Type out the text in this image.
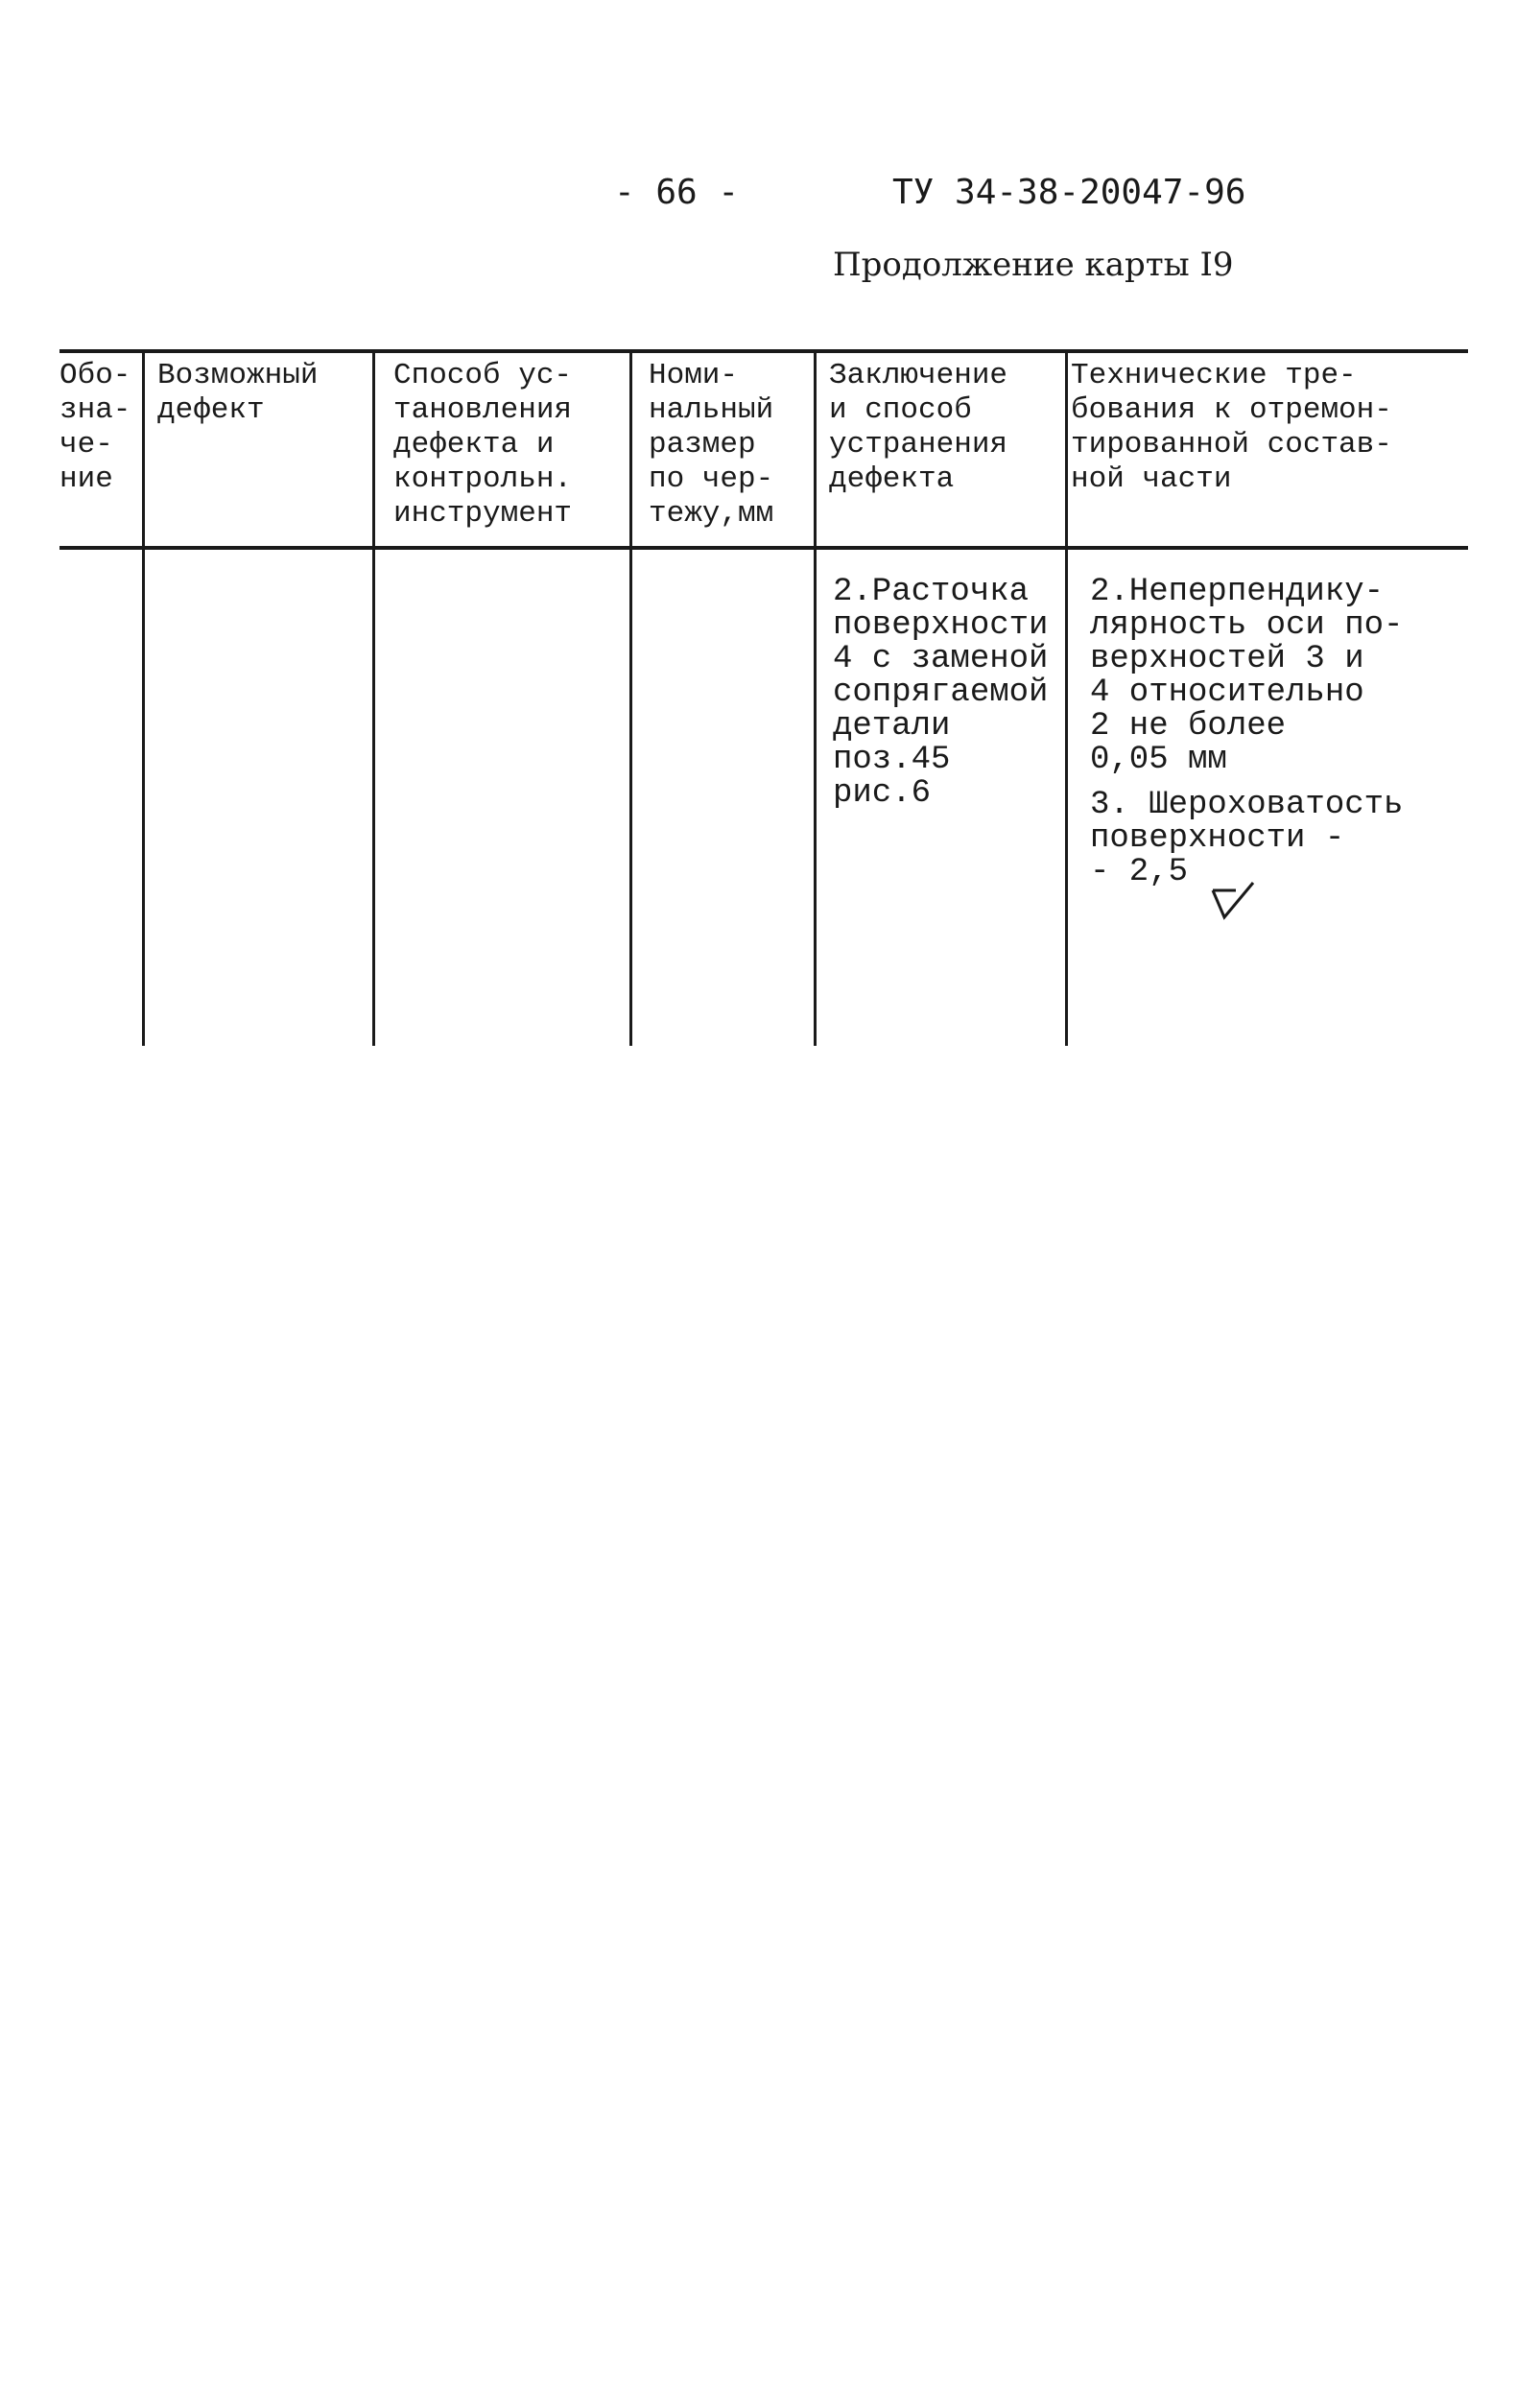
- 66 -	ТУ 34-38-20047-96
Продолжение карты I9
Обо-
зна-
че-
ние
Возможный
дефект
Способ ус-
тановления
дефекта и
контрольн.
инструмент
Номи-
нальный
размер
по чер-
тежу,мм
Заключение
и способ
устранения
дефекта
Технические тре-
бования к отремон-
тированной состав-
ной части
2.Расточка
поверхности
4 с заменой
сопрягаемой
детали
поз.45
рис.6
2.Неперпендику-
лярность оси по-
верхностей 3 и
4 относительно
2 не более
0,05 мм
3. Шероховатость
поверхности -
- 2,5
